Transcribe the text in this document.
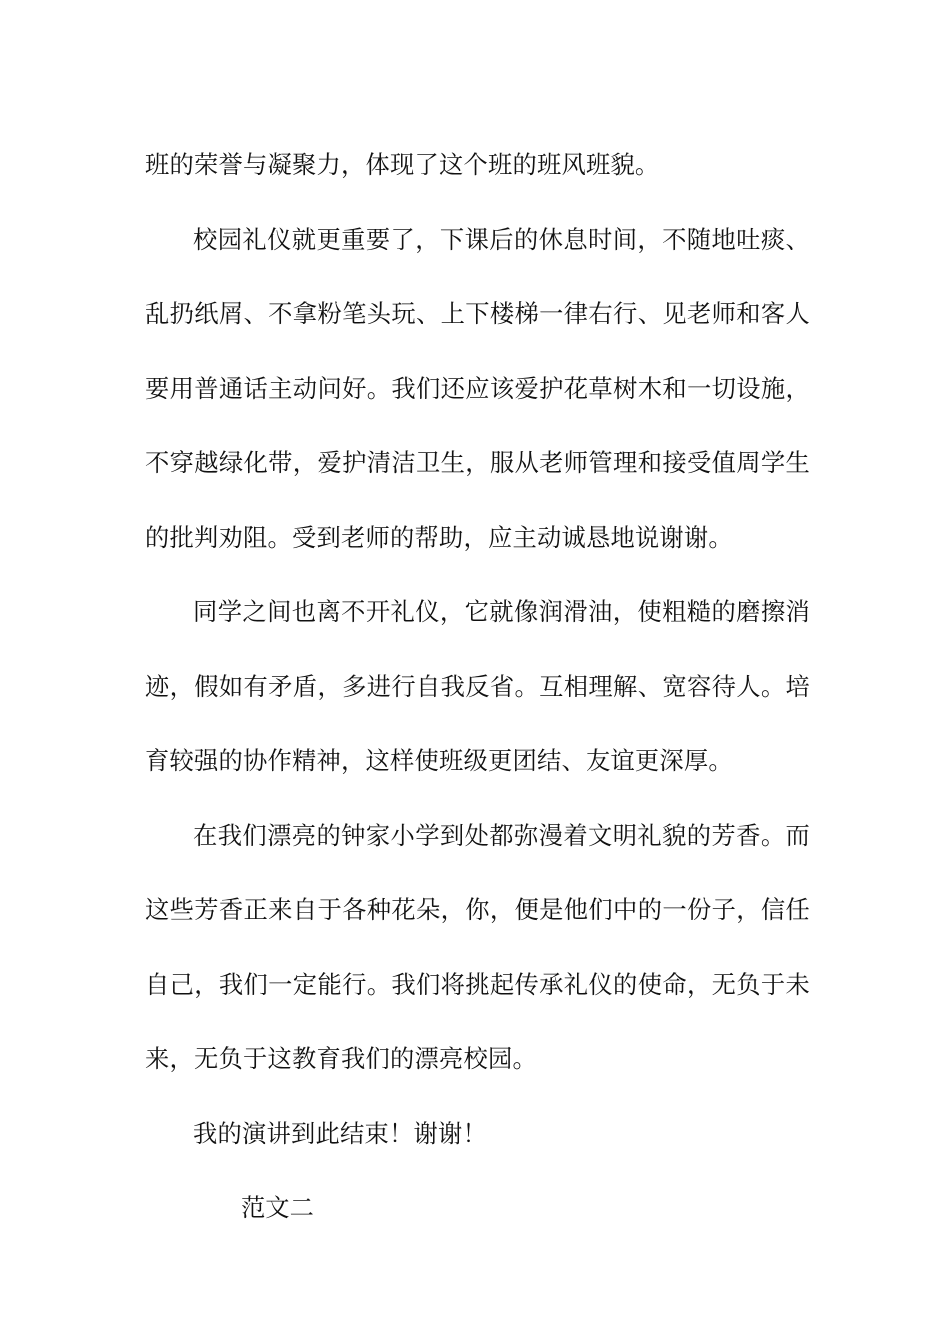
班的荣誉与凝聚力，体现了这个班的班风班貌。

校园礼仪就更重要了，下课后的休息时间，不随地吐痰、乱扔纸屑、不拿粉笔头玩、上下楼梯一律右行、见老师和客人要用普通话主动问好。我们还应该爱护花草树木和一切设施，不穿越绿化带，爱护清洁卫生，服从老师管理和接受值周学生的批判劝阻。受到老师的帮助，应主动诚恳地说谢谢。

同学之间也离不开礼仪，它就像润滑油，使粗糙的磨擦消迹，假如有矛盾，多进行自我反省。互相理解、宽容待人。培育较强的协作精神，这样使班级更团结、友谊更深厚。

在我们漂亮的钟家小学到处都弥漫着文明礼貌的芳香。而这些芳香正来自于各种花朵，你，便是他们中的一份子，信任自己，我们一定能行。我们将挑起传承礼仪的使命，无负于未来，无负于这教育我们的漂亮校园。

我的演讲到此结束！谢谢！

范文二
